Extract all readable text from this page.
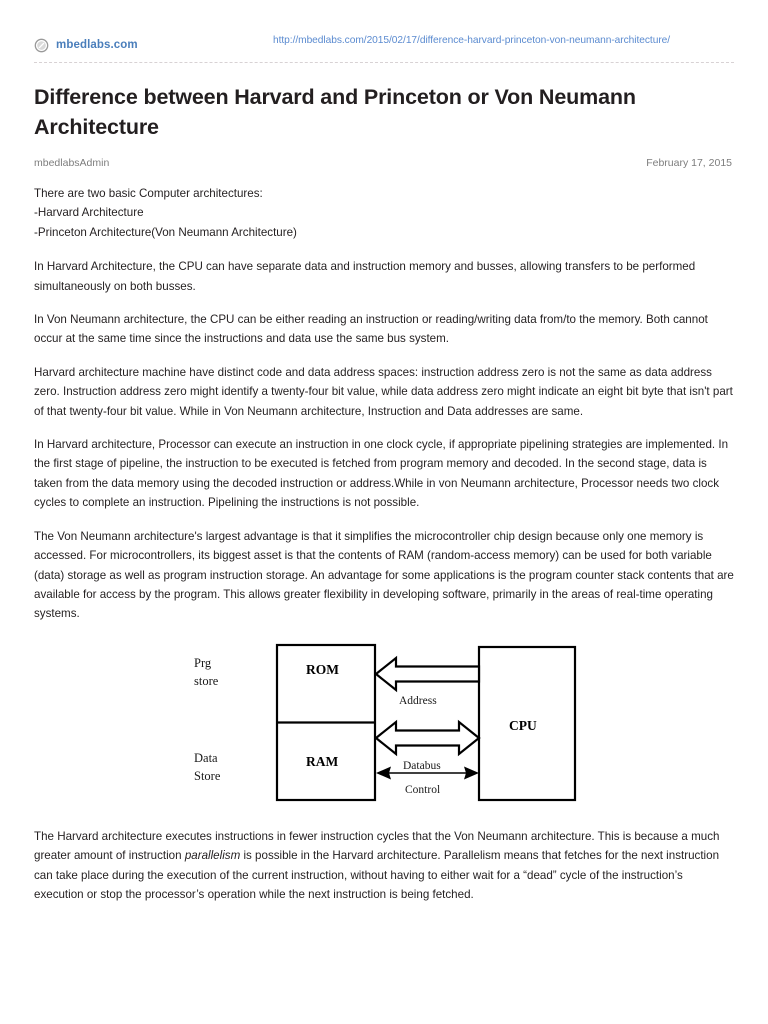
mbedlabs.com	http://mbedlabs.com/2015/02/17/difference-harvard-princeton-von-neumann-architecture/
Difference between Harvard and Princeton or Von Neumann Architecture
mbedlabsAdmin	February 17, 2015

There are two basic Computer architectures:
-Harvard Architecture
-Princeton Architecture(Von Neumann Architecture)

In Harvard Architecture, the CPU can have separate data and instruction memory and busses, allowing transfers to be performed simultaneously on both busses.

In Von Neumann architecture, the CPU can be either reading an instruction or reading/writing data from/to the memory. Both cannot occur at the same time since the instructions and data use the same bus system.

Harvard architecture machine have distinct code and data address spaces: instruction address zero is not the same as data address zero. Instruction address zero might identify a twenty-four bit value, while data address zero might indicate an eight bit byte that isn't part of that twenty-four bit value. While in Von Neumann architecture, Instruction and Data addresses are same.

In Harvard architecture, Processor can execute an instruction in one clock cycle, if appropriate pipelining strategies are implemented. In the first stage of pipeline, the instruction to be executed is fetched from program memory and decoded. In the second stage, data is taken from the data memory using the decoded instruction or address.While in von Neumann architecture, Processor needs two clock cycles to complete an instruction. Pipelining the instructions is not possible.

The Von Neumann architecture's largest advantage is that it simplifies the microcontroller chip design because only one memory is accessed. For microcontrollers, its biggest asset is that the contents of RAM (random-access memory) can be used for both variable (data) storage as well as program instruction storage. An advantage for some applications is the program counter stack contents that are available for access by the program. This allows greater flexibility in developing software, primarily in the areas of real-time operating systems.

Prg
store
Data
Store
ROM
RAM
CPU
Address
Databus
Control

The Harvard architecture executes instructions in fewer instruction cycles that the Von Neumann architecture. This is because a much greater amount of instruction parallelism is possible in the Harvard architecture. Parallelism means that fetches for the next instruction can take place during the execution of the current instruction, without having to either wait for a “dead” cycle of the instruction’s execution or stop the processor’s operation while the next instruction is being fetched.
